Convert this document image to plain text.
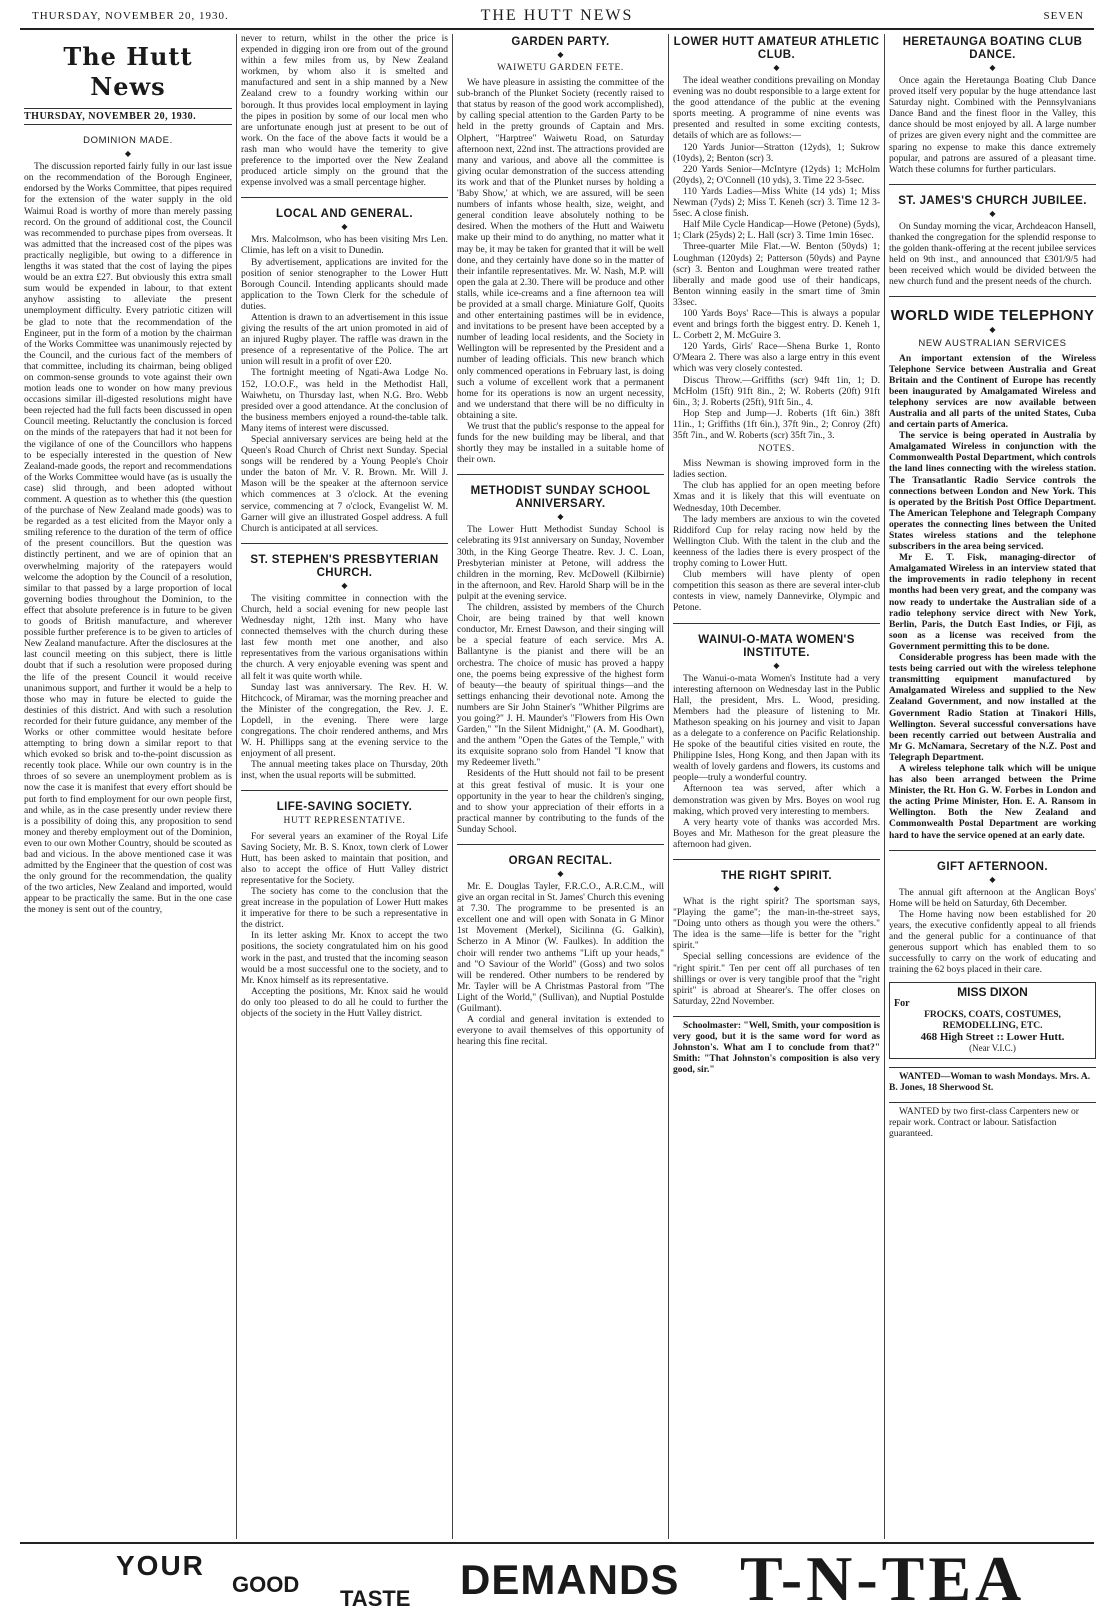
THURSDAY, NOVEMBER 20, 1930.	THE HUTT NEWS	SEVEN
The Hutt News
THURSDAY, NOVEMBER 20, 1930.
DOMINION MADE.
◆

The discussion reported fairly fully in our last issue on the recommendation of the Borough Engineer, endorsed by the Works Committee, that pipes required for the extension of the water supply in the old Waimui Road is worthy of more than merely passing record. On the ground of additional cost, the Council was recommended to purchase pipes from overseas. It was admitted that the increased cost of the pipes was practically negligible, but owing to a difference in lengths it was stated that the cost of laying the pipes would be an extra £27. But obviously this extra small sum would be expended in labour, to that extent anyhow assisting to alleviate the present unemployment difficulty. Every patriotic citizen will be glad to note that the recommendation of the Engineer, put in the form of a motion by the chairman of the Works Committee was unanimously rejected by the Council, and the curious fact of the members of that committee, including its chairman, being obliged on common-sense grounds to vote against their own motion leads one to wonder on how many previous occasions similar ill-digested resolutions might have been rejected had the full facts been discussed in open Council meeting. Reluctantly the conclusion is forced on the minds of the ratepayers that had it not been for the vigilance of one of the Councillors who happens to be especially interested in the question of New Zealand-made goods, the report and recommendations of the Works Committee would have (as is usually the case) slid through, and been adopted without comment. A question as to whether this (the question of the purchase of New Zealand made goods) was to be regarded as a test elicited from the Mayor only a smiling reference to the duration of the term of office of the present councillors. But the question was distinctly pertinent, and we are of opinion that an overwhelming majority of the ratepayers would welcome the adoption by the Council of a resolution, similar to that passed by a large proportion of local governing bodies throughout the Dominion, to the effect that absolute preference is in future to be given to goods of British manufacture, and wherever possible further preference is to be given to articles of New Zealand manufacture. After the disclosures at the last council meeting on this subject, there is little doubt that if such a resolution were proposed during the life of the present Council it would receive unanimous support, and further it would be a help to those who may in future be elected to guide the destinies of this district. And with such a resolution recorded for their future guidance, any member of the Works or other committee would hesitate before attempting to bring down a similar report to that which evoked so brisk and to-the-point discussion as recently took place. While our own country is in the throes of so severe an unemployment problem as is now the case it is manifest that every effort should be put forth to find employment for our own people first, and while, as in the case presently under review there is a possibility of doing this, any proposition to send money and thereby employment out of the Dominion, even to our own Mother Country, should be scouted as bad and vicious. In the above mentioned case it was admitted by the Engineer that the question of cost was the only ground for the recommendation, the quality of the two articles, New Zealand and imported, would appear to be practically the same. But in the one case the money is sent out of the country,

never to return, whilst in the other the price is expended in digging iron ore from out of the ground within a few miles from us, by New Zealand workmen, by whom also it is smelted and manufactured and sent in a ship manned by a New Zealand crew to a foundry working within our borough. It thus provides local employment in laying the pipes in position by some of our local men who are unfortunate enough just at present to be out of work. On the face of the above facts it would be a rash man who would have the temerity to give preference to the imported over the New Zealand produced article simply on the ground that the expense involved was a small percentage higher.

LOCAL AND GENERAL.
◆

Mrs. Malcolmson, who has been visiting Mrs Len. Climie, has left on a visit to Dunedin.

By advertisement, applications are invited for the position of senior stenographer to the Lower Hutt Borough Council. Intending applicants should made application to the Town Clerk for the schedule of duties.

Attention is drawn to an advertisement in this issue giving the results of the art union promoted in aid of an injured Rugby player. The raffle was drawn in the presence of a representative of the Police. The art union will result in a profit of over £20.

The fortnight meeting of Ngati-Awa Lodge No. 152, I.O.O.F., was held in the Methodist Hall, Waiwhetu, on Thursday last, when N.G. Bro. Webb presided over a good attendance. At the conclusion of the business members enjoyed a round-the-table talk. Many items of interest were discussed.

Special anniversary services are being held at the Queen's Road Church of Christ next Sunday. Special songs will be rendered by a Young People's Choir under the baton of Mr. V. R. Brown. Mr. Will J. Mason will be the speaker at the afternoon service which commences at 3 o'clock. At the evening service, commencing at 7 o'clock, Evangelist W. M. Garner will give an illustrated Gospel address. A full Church is anticipated at all services.

ST. STEPHEN'S PRESBYTERIAN CHURCH.
◆

The visiting committee in connection with the Church, held a social evening for new people last Wednesday night, 12th inst. Many who have connected themselves with the church during these last few month met one another, and also representatives from the various organisations within the church. A very enjoyable evening was spent and all felt it was quite worth while.

Sunday last was anniversary. The Rev. H. W. Hitchcock, of Miramar, was the morning preacher and the Minister of the congregation, the Rev. J. E. Lopdell, in the evening. There were large congregations. The choir rendered anthems, and Mrs W. H. Phillipps sang at the evening service to the enjoyment of all present.

The annual meeting takes place on Thursday, 20th inst, when the usual reports will be submitted.

LIFE-SAVING SOCIETY.
HUTT REPRESENTATIVE.

For several years an examiner of the Royal Life Saving Society, Mr. B. S. Knox, town clerk of Lower Hutt, has been asked to maintain that position, and also to accept the office of Hutt Valley district representative for the Society.

The society has come to the conclusion that the great increase in the population of Lower Hutt makes it imperative for there to be such a representative in the district.

In its letter asking Mr. Knox to accept the two positions, the society congratulated him on his good work in the past, and trusted that the incoming season would be a most successful one to the society, and to Mr. Knox himself as its representative.

Accepting the positions, Mr. Knox said he would do only too pleased to do all he could to further the objects of the society in the Hutt Valley district.

GARDEN PARTY.
◆
WAIWETU GARDEN FETE.

We have pleasure in assisting the committee of the sub-branch of the Plunket Society (recently raised to that status by reason of the good work accomplished), by calling special attention to the Garden Party to be held in the pretty grounds of Captain and Mrs. Olphert, "Harptree" Waiwetu Road, on Saturday afternoon next, 22nd inst. The attractions provided are many and various, and above all the committee is giving ocular demonstration of the success attending its work and that of the Plunket nurses by holding a 'Baby Show,' at which, we are assured, will be seen numbers of infants whose health, size, weight, and general condition leave absolutely nothing to be desired. When the mothers of the Hutt and Waiwetu make up their mind to do anything, no matter what it may be, it may be taken for granted that it will be well done, and they certainly have done so in the matter of their infantile representatives. Mr. W. Nash, M.P. will open the gala at 2.30. There will be produce and other stalls, while ice-creams and a fine afternoon tea will be provided at a small charge. Miniature Golf, Quoits and other entertaining pastimes will be in evidence, and invitations to be present have been accepted by a number of leading local residents, and the Society in Wellington will be represented by the President and a number of leading officials. This new branch which only commenced operations in February last, is doing such a volume of excellent work that a permanent home for its operations is now an urgent necessity, and we understand that there will be no difficulty in obtaining a site.

We trust that the public's response to the appeal for funds for the new building may be liberal, and that shortly they may be installed in a suitable home of their own.

METHODIST SUNDAY SCHOOL ANNIVERSARY.
◆

The Lower Hutt Methodist Sunday School is celebrating its 91st anniversary on Sunday, November 30th, in the King George Theatre. Rev. J. C. Loan, Presbyterian minister at Petone, will address the children in the morning, Rev. McDowell (Kilbirnie) in the afternoon, and Rev. Harold Sharp will be in the pulpit at the evening service.

The children, assisted by members of the Church Choir, are being trained by that well known conductor, Mr. Ernest Dawson, and their singing will be a special feature of each service. Mrs A. Ballantyne is the pianist and there will be an orchestra. The choice of music has proved a happy one, the poems being expressive of the highest form of beauty—the beauty of spiritual things—and the settings enhancing their devotional note. Among the numbers are Sir John Stainer's "Whither Pilgrims are you going?" J. H. Maunder's "Flowers from His Own Garden," "In the Silent Midnight," (A. M. Goodhart), and the anthem "Open the Gates of the Temple," with its exquisite soprano solo from Handel "I know that my Redeemer liveth."

Residents of the Hutt should not fail to be present at this great festival of music. It is your one opportunity in the year to hear the children's singing, and to show your appreciation of their efforts in a practical manner by contributing to the funds of the Sunday School.

ORGAN RECITAL.
◆

Mr. E. Douglas Tayler, F.R.C.O., A.R.C.M., will give an organ recital in St. James' Church this evening at 7.30. The programme to be presented is an excellent one and will open with Sonata in G Minor 1st Movement (Merkel), Sicilinna (G. Galkin), Scherzo in A Minor (W. Faulkes). In addition the choir will render two anthems "Lift up your heads," and "O Saviour of the World" (Goss) and two solos will be rendered. Other numbers to be rendered by Mr. Tayler will be A Christmas Pastoral from "The Light of the World," (Sullivan), and Nuptial Postulde (Guilmant).

A cordial and general invitation is extended to everyone to avail themselves of this opportunity of hearing this fine recital.

LOWER HUTT AMATEUR ATHLETIC CLUB.
◆

The ideal weather conditions prevailing on Monday evening was no doubt responsible to a large extent for the good attendance of the public at the evening sports meeting. A programme of nine events was presented and resulted in some exciting contests, details of which are as follows:—

120 Yards Junior—Stratton (12yds), 1; Sukrow (10yds), 2; Benton (scr) 3.

220 Yards Senior—McIntyre (12yds) 1; McHolm (20yds), 2; O'Connell (10 yds), 3. Time 22 3-5sec.

110 Yards Ladies—Miss White (14 yds) 1; Miss Newman (7yds) 2; Miss T. Keneh (scr) 3. Time 12 3-5sec. A close finish.

Half Mile Cycle Handicap—Howe (Petone) (5yds), 1; Clark (25yds) 2; L. Hall (scr) 3. Time 1min 16sec.

Three-quarter Mile Flat.—W. Benton (50yds) 1; Loughman (120yds) 2; Patterson (50yds) and Payne (scr) 3. Benton and Loughman were treated rather liberally and made good use of their handicaps, Benton winning easily in the smart time of 3min 33sec.

100 Yards Boys' Race—This is always a popular event and brings forth the biggest entry. D. Keneh 1, L. Corbett 2, M. McGuire 3.

120 Yards, Girls' Race—Shena Burke 1, Ronto O'Meara 2. There was also a large entry in this event which was very closely contested.

Discus Throw.—Griffiths (scr) 94ft 1in, 1; D. McHolm (15ft) 91ft 8in., 2; W. Roberts (20ft) 91ft 6in., 3; J. Roberts (25ft), 91ft 5in., 4.

Hop Step and Jump—J. Roberts (1ft 6in.) 38ft 11in., 1; Griffiths (1ft 6in.), 37ft 9in., 2; Conroy (2ft) 35ft 7in., and W. Roberts (scr) 35ft 7in., 3.

NOTES.

Miss Newman is showing improved form in the ladies section.

The club has applied for an open meeting before Xmas and it is likely that this will eventuate on Wednesday, 10th December.

The lady members are anxious to win the coveted Riddiford Cup for relay racing now held by the Wellington Club. With the talent in the club and the keenness of the ladies there is every prospect of the trophy coming to Lower Hutt.

Club members will have plenty of open competition this season as there are several inter-club contests in view, namely Dannevirke, Olympic and Petone.

WAINUI-O-MATA WOMEN'S INSTITUTE.
◆

The Wanui-o-mata Women's Institute had a very interesting afternoon on Wednesday last in the Public Hall, the president, Mrs. L. Wood, presiding. Members had the pleasure of listening to Mr. Matheson speaking on his journey and visit to Japan as a delegate to a conference on Pacific Relationship. He spoke of the beautiful cities visited en route, the Philippine Isles, Hong Kong, and then Japan with its wealth of lovely gardens and flowers, its customs and people—truly a wonderful country.

Afternoon tea was served, after which a demonstration was given by Mrs. Boyes on wool rug making, which proved very interesting to members.

A very hearty vote of thanks was accorded Mrs. Boyes and Mr. Matheson for the great pleasure the afternoon had given.

THE RIGHT SPIRIT.
◆

What is the right spirit? The sportsman says, "Playing the game"; the man-in-the-street says, "Doing unto others as though you were the others." The idea is the same—life is better for the "right spirit."

Special selling concessions are evidence of the "right spirit." Ten per cent off all purchases of ten shillings or over is very tangible proof that the "right spirit" is abroad at Shearer's. The offer closes on Saturday, 22nd November.

Schoolmaster: "Well, Smith, your composition is very good, but it is the same word for word as Johnston's. What am I to conclude from that?" Smith: "That Johnston's composition is also very good, sir."

HERETAUNGA BOATING CLUB DANCE.
◆

Once again the Heretaunga Boating Club Dance proved itself very popular by the huge attendance last Saturday night. Combined with the Pennsylvanians Dance Band and the finest floor in the Valley, this dance should be most enjoyed by all. A large number of prizes are given every night and the committee are sparing no expense to make this dance extremely popular, and patrons are assured of a pleasant time. Watch these columns for further particulars.

ST. JAMES'S CHURCH JUBILEE.
◆

On Sunday morning the vicar, Archdeacon Hansell, thanked the congregation for the splendid response to the golden thank-offering at the recent jubilee services held on 9th inst., and announced that £301/9/5 had been received which would be divided between the new church fund and the present needs of the church.

WORLD WIDE TELEPHONY
◆
NEW AUSTRALIAN SERVICES

An important extension of the Wireless Telephone Service between Australia and Great Britain and the Continent of Europe has recently been inaugurated by Amalgamated Wireless and telephony services are now available between Australia and all parts of the united States, Cuba and certain parts of America.

The service is being operated in Australia by Amalgamated Wireless in conjunction with the Commonwealth Postal Department, which controls the land lines connecting with the wireless station. The Transatlantic Radio Service controls the connections between London and New York. This is operated by the British Post Office Department. The American Telephone and Telegraph Company operates the connecting lines between the United States wireless stations and the telephone subscribers in the area being serviced.

Mr E. T. Fisk, managing-director of Amalgamated Wireless in an interview stated that the improvements in radio telephony in recent months had been very great, and the company was now ready to undertake the Australian side of a radio telephony service direct with New York, Berlin, Paris, the Dutch East Indies, or Fiji, as soon as a license was received from the Government permitting this to be done.

Considerable progress has been made with the tests being carried out with the wireless telephone transmitting equipment manufactured by Amalgamated Wireless and supplied to the New Zealand Government, and now installed at the Government Radio Station at Tinakori Hills, Wellington. Several successful conversations have been recently carried out between Australia and Mr G. McNamara, Secretary of the N.Z. Post and Telegraph Department.

A wireless telephone talk which will be unique has also been arranged between the Prime Minister, the Rt. Hon G. W. Forbes in London and the acting Prime Minister, Hon. E. A. Ransom in Wellington. Both the New Zealand and Commonwealth Postal Department are working hard to have the service opened at an early date.

GIFT AFTERNOON.
◆

The annual gift afternoon at the Anglican Boys' Home will be held on Saturday, 6th December.

The Home having now been established for 20 years, the executive confidently appeal to all friends and the general public for a continuance of that generous support which has enabled them to so successfully to carry on the work of educating and training the 62 boys placed in their care.

MISS DIXON
For
FROCKS, COATS, COSTUMES, REMODELLING, ETC.
468 High Street :: Lower Hutt.
(Near V.I.C.)

WANTED—Woman to wash Mondays. Mrs. A. B. Jones, 18 Sherwood St.

WANTED by two first-class Carpenters new or repair work. Contract or labour. Satisfaction guaranteed.

YOUR
GOOD
TASTE DEMANDS T-N-TEA
